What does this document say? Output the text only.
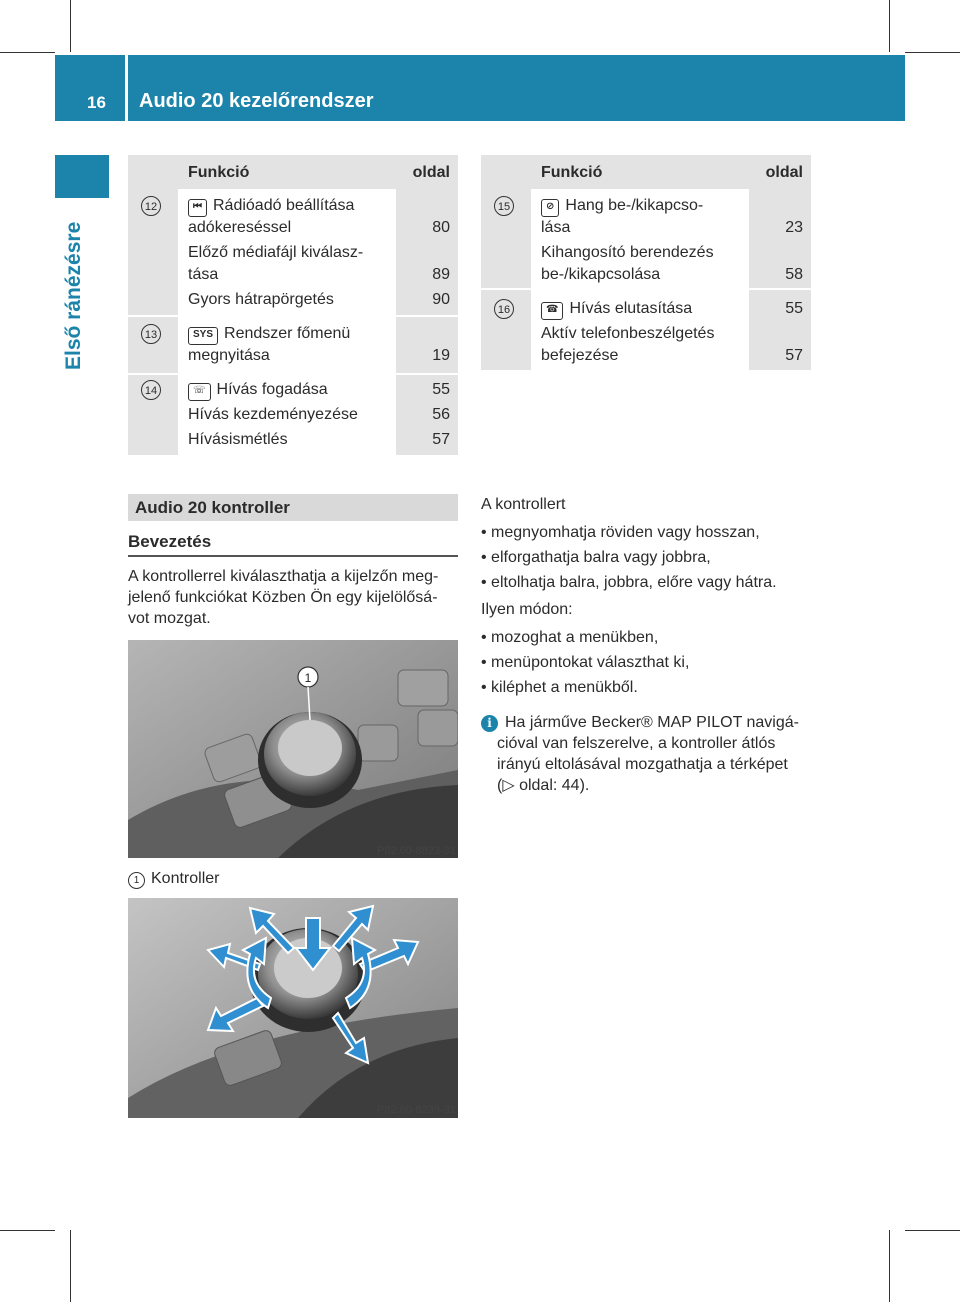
16 Audio 20 kezelőrendszer
Első ránézésre
Funkció	oldal
12	⏮ Rádióadó beállítása
adókereséssel	80
Előző médiafájl kiválasz-
tása	89
Gyors hátrapörgetés	90
13	SYS Rendszer főmenü
megnyitása	19
14	☏ Hívás fogadása	55
Hívás kezdeményezése	56
Hívásismétlés	57
Funkció	oldal
15	⊘ Hang be-/kikapcso-
lása	23
Kihangosító berendezés
be-/kikapcsolása	58
16	☎ Hívás elutasítása	55
Aktív telefonbeszélgetés
befejezése	57
Audio 20 kontroller
Bevezetés
A kontrollerrel kiválaszthatja a kijelzőn meg-
jelenő funkciókat Közben Ön egy kijelölősá-
vot mozgat.
1
P82.60-8823-31
1 Kontroller
P82.60-8239-31
A kontrollert
• megnyomhatja röviden vagy hosszan,
• elforgathatja balra vagy jobbra,
• eltolhatja balra, jobbra, előre vagy hátra.
Ilyen módon:
• mozoghat a menükben,
• menüpontokat választhat ki,
• kiléphet a menükből.
i Ha járműve Becker® MAP PILOT navigá-
cióval van felszerelve, a kontroller átlós
irányú eltolásával mozgathatja a térképet
(▷ oldal: 44).
